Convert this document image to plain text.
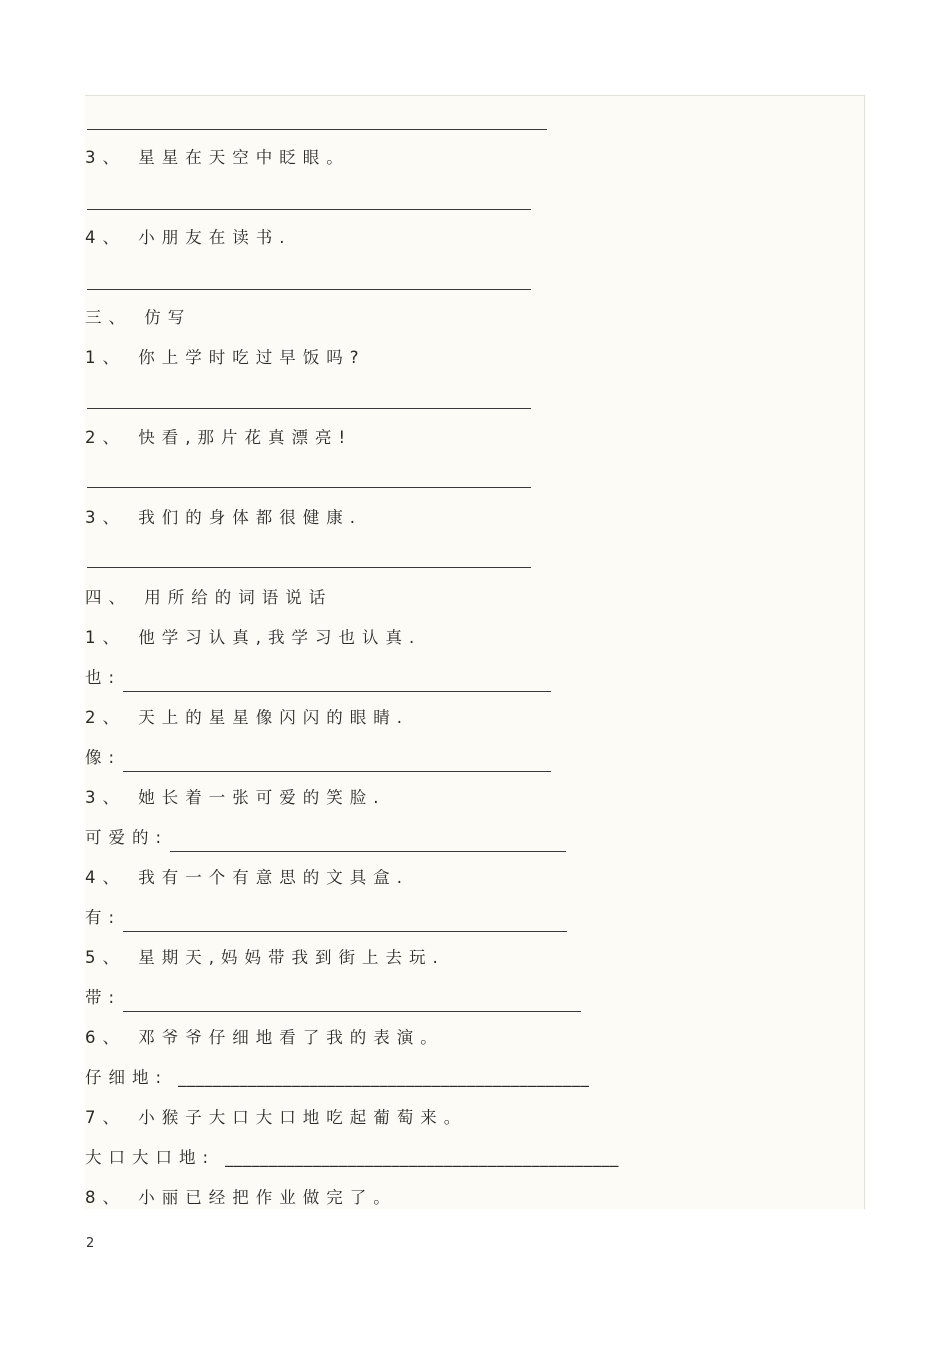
3、 星星在天空中眨眼。
4、 小朋友在读书.
三、 仿写
1、 你上学时吃过早饭吗?
2、 快看,那片花真漂亮!
3、 我们的身体都很健康.
四、 用所给的词语说话
1、 他学习认真,我学习也认真.
也:
2、 天上的星星像闪闪的眼睛.
像:
3、 她长着一张可爱的笑脸.
可爱的:
4、 我有一个有意思的文具盒.
有:
5、 星期天,妈妈带我到街上去玩.
带:
6、 邓爷爷仔细地看了我的表演。
仔细地: _______________________________________________
7、 小猴子大口大口地吃起葡萄来。
大口大口地: _____________________________________________
8、 小丽已经把作业做完了。
2
